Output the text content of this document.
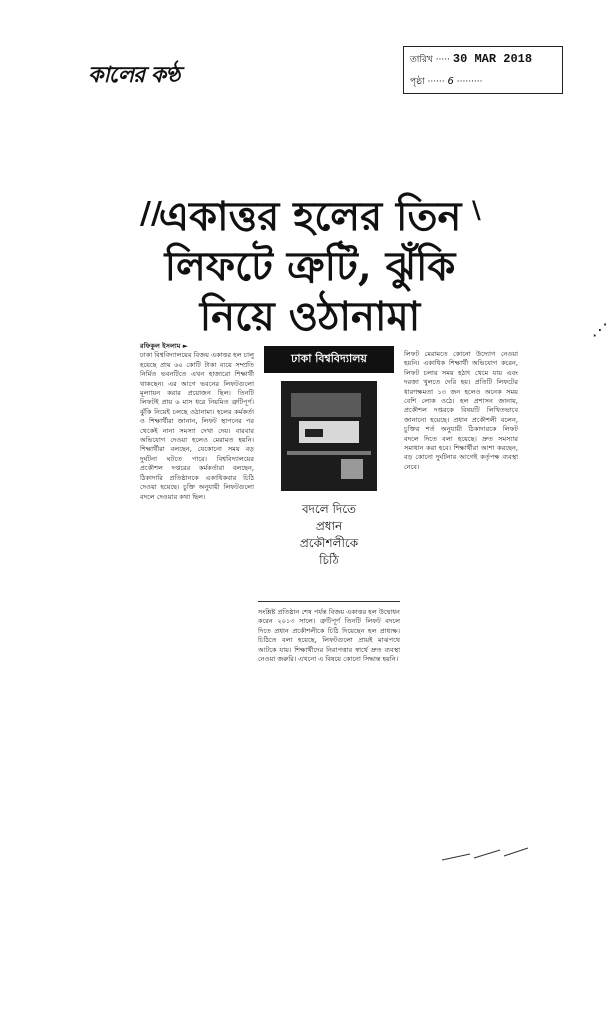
কালের কণ্ঠ
তারিখ ····· 30 MAR 2018
পৃষ্ঠা ······ 6 ·········
//	\
⋰
একাত্তর হলের তিন
লিফটে ত্রুটি, ঝুঁকি
নিয়ে ওঠানামা
রফিকুল ইসলাম ►
ঢাকা বিশ্ববিদ্যালয়ের বিজয় একাত্তর হল চালু হয়েছে প্রায় ৬০ কোটি টাকা ব্যয়ে সম্প্রতি নির্মিত ভবনটিতে এখন হাজারো শিক্ষার্থী থাকছেন। এর আগে ভবনের লিফটগুলো মূল্যায়ন করার প্রয়োজন ছিল। তিনটি লিফটই প্রায় ৬ মাস ধরে নিয়মিত ত্রুটিপূর্ণ। ঝুঁকি নিয়েই চলছে ওঠানামা। হলের কর্মকর্তা ও শিক্ষার্থীরা জানান, লিফট স্থাপনের পর থেকেই নানা সমস্যা দেখা দেয়। বারবার অভিযোগ দেওয়া হলেও মেরামত হয়নি। শিক্ষার্থীরা বলছেন, যেকোনো সময় বড় দুর্ঘটনা ঘটতে পারে। বিশ্ববিদ্যালয়ের প্রকৌশল দপ্তরের কর্মকর্তারা বলছেন, ঠিকাদারি প্রতিষ্ঠানকে একাধিকবার চিঠি দেওয়া হয়েছে। চুক্তি অনুযায়ী লিফটগুলো বদলে দেওয়ার কথা ছিল।
ঢাকা বিশ্ববিদ্যালয়
বদলে দিতে
প্রধান
প্রকৌশলীকে
চিঠি
সংশ্লিষ্ট প্রতিষ্ঠান শেষ পর্যন্ত বিজয় একাত্তর হল উদ্বোধন করেন ২০১৩ সালে। ত্রুটিপূর্ণ তিনটি লিফট বদলে দিতে প্রধান প্রকৌশলীকে চিঠি দিয়েছেন হল প্রাধ্যক্ষ। চিঠিতে বলা হয়েছে, লিফটগুলো প্রায়ই মাঝপথে আটকে যায়। শিক্ষার্থীদের নিরাপত্তার স্বার্থে দ্রুত ব্যবস্থা নেওয়া জরুরি। এখনো এ বিষয়ে কোনো সিদ্ধান্ত হয়নি।
লিফট মেরামতে কোনো উদ্যোগ নেওয়া হয়নি। একাধিক শিক্ষার্থী অভিযোগ করেন, লিফট চলার সময় হঠাৎ থেমে যায় এবং দরজা খুলতে দেরি হয়। প্রতিটি লিফটের ধারণক্ষমতা ১৩ জন হলেও অনেক সময় বেশি লোক ওঠে। হল প্রশাসন জানায়, প্রকৌশল দপ্তরকে বিষয়টি লিখিতভাবে জানানো হয়েছে। প্রধান প্রকৌশলী বলেন, চুক্তির শর্ত অনুযায়ী ঠিকাদারকে লিফট বদলে দিতে বলা হয়েছে। দ্রুত সমস্যার সমাধান করা হবে। শিক্ষার্থীরা আশা করছেন, বড় কোনো দুর্ঘটনার আগেই কর্তৃপক্ষ ব্যবস্থা নেবে।
